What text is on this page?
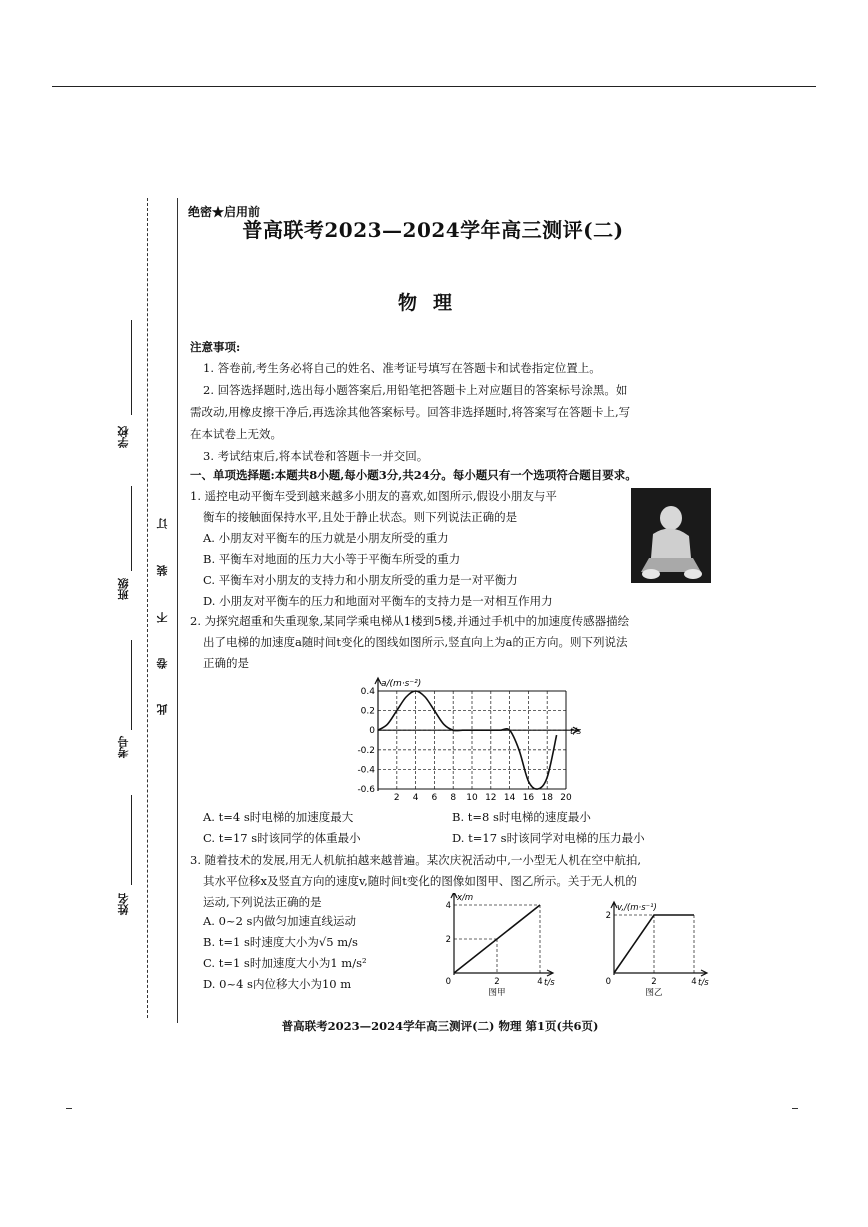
学校
班级
考号
姓名
订
装
不
卷
此
绝密★启用前
普高联考2023—2024学年高三测评(二)
物理
注意事项:
1. 答卷前,考生务必将自己的姓名、准考证号填写在答题卡和试卷指定位置上。
2. 回答选择题时,选出每小题答案后,用铅笔把答题卡上对应题目的答案标号涂黑。如
需改动,用橡皮擦干净后,再选涂其他答案标号。回答非选择题时,将答案写在答题卡上,写
在本试卷上无效。
3. 考试结束后,将本试卷和答题卡一并交回。
一、单项选择题:本题共8小题,每小题3分,共24分。每小题只有一个选项符合题目要求。
1. 遥控电动平衡车受到越来越多小朋友的喜欢,如图所示,假设小朋友与平
衡车的接触面保持水平,且处于静止状态。则下列说法正确的是
A. 小朋友对平衡车的压力就是小朋友所受的重力
B. 平衡车对地面的压力大小等于平衡车所受的重力
C. 平衡车对小朋友的支持力和小朋友所受的重力是一对平衡力
D. 小朋友对平衡车的压力和地面对平衡车的支持力是一对相互作用力
2. 为探究超重和失重现象,某同学乘电梯从1楼到5楼,并通过手机中的加速度传感器描绘
出了电梯的加速度a随时间t变化的图线如图所示,竖直向上为a的正方向。则下列说法
正确的是
a/(m·s⁻²)
t/s
2 4 6 8 10 12 14 16 18 20
0.4
0.2
0
-0.2
-0.4
-0.6
A. t=4 s时电梯的加速度最大	B. t=8 s时电梯的速度最小
C. t=17 s时该同学的体重最小	D. t=17 s时该同学对电梯的压力最小
3. 随着技术的发展,用无人机航拍越来越普遍。某次庆祝活动中,一小型无人机在空中航拍,
其水平位移x及竖直方向的速度v,随时间t变化的图像如图甲、图乙所示。关于无人机的
运动,下列说法正确的是
A. 0~2 s内做匀加速直线运动
B. t=1 s时速度大小为√5 m/s
C. t=1 s时加速度大小为1 m/s²
D. 0~4 s内位移大小为10 m
x/m
t/s
2	4
2
4
0
图甲
v,/(m·s⁻¹)
t/s
2	4
2
0
图乙
普高联考2023—2024学年高三测评(二) 物理 第1页(共6页)
